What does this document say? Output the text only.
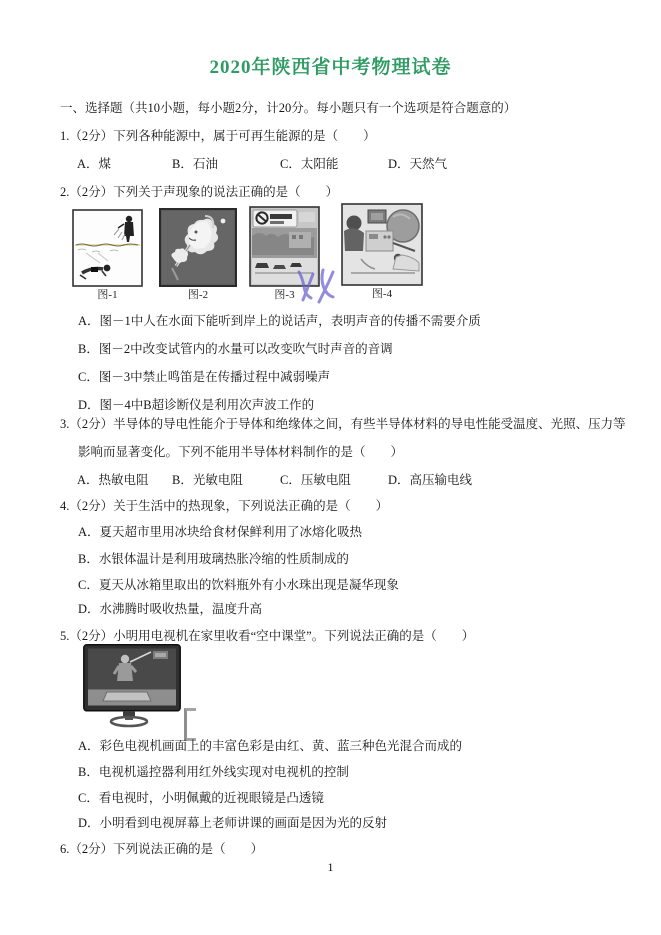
2020年陕西省中考物理试卷
一、选择题（共10小题，每小题2分，计20分。每小题只有一个选项是符合题意的）
1.（2分）下列各种能源中，属于可再生能源的是（　　）
A．煤	B．石油	C．太阳能	D．天然气
2.（2分）下列关于声现象的说法正确的是（　　）
图-1	图-2	图-3	图-4
A．图－1中人在水面下能听到岸上的说话声，表明声音的传播不需要介质
B．图－2中改变试管内的水量可以改变吹气时声音的音调
C．图－3中禁止鸣笛是在传播过程中减弱噪声
D．图－4中B超诊断仪是利用次声波工作的
3.（2分）半导体的导电性能介于导体和绝缘体之间，有些半导体材料的导电性能受温度、光照、压力等影响而显著变化。下列不能用半导体材料制作的是（　　）
A．热敏电阻 B．光敏电阻	C．压敏电阻	D．高压输电线
4.（2分）关于生活中的热现象，下列说法正确的是（　　）
A．夏天超市里用冰块给食材保鲜利用了冰熔化吸热
B．水银体温计是利用玻璃热胀冷缩的性质制成的
C．夏天从冰箱里取出的饮料瓶外有小水珠出现是凝华现象
D．水沸腾时吸收热量，温度升高
5.（2分）小明用电视机在家里收看“空中课堂”。下列说法正确的是（　　）
A．彩色电视机画面上的丰富色彩是由红、黄、蓝三种色光混合而成的
B．电视机遥控器利用红外线实现对电视机的控制
C．看电视时，小明佩戴的近视眼镜是凸透镜
D．小明看到电视屏幕上老师讲课的画面是因为光的反射
6.（2分）下列说法正确的是（　　）
1
